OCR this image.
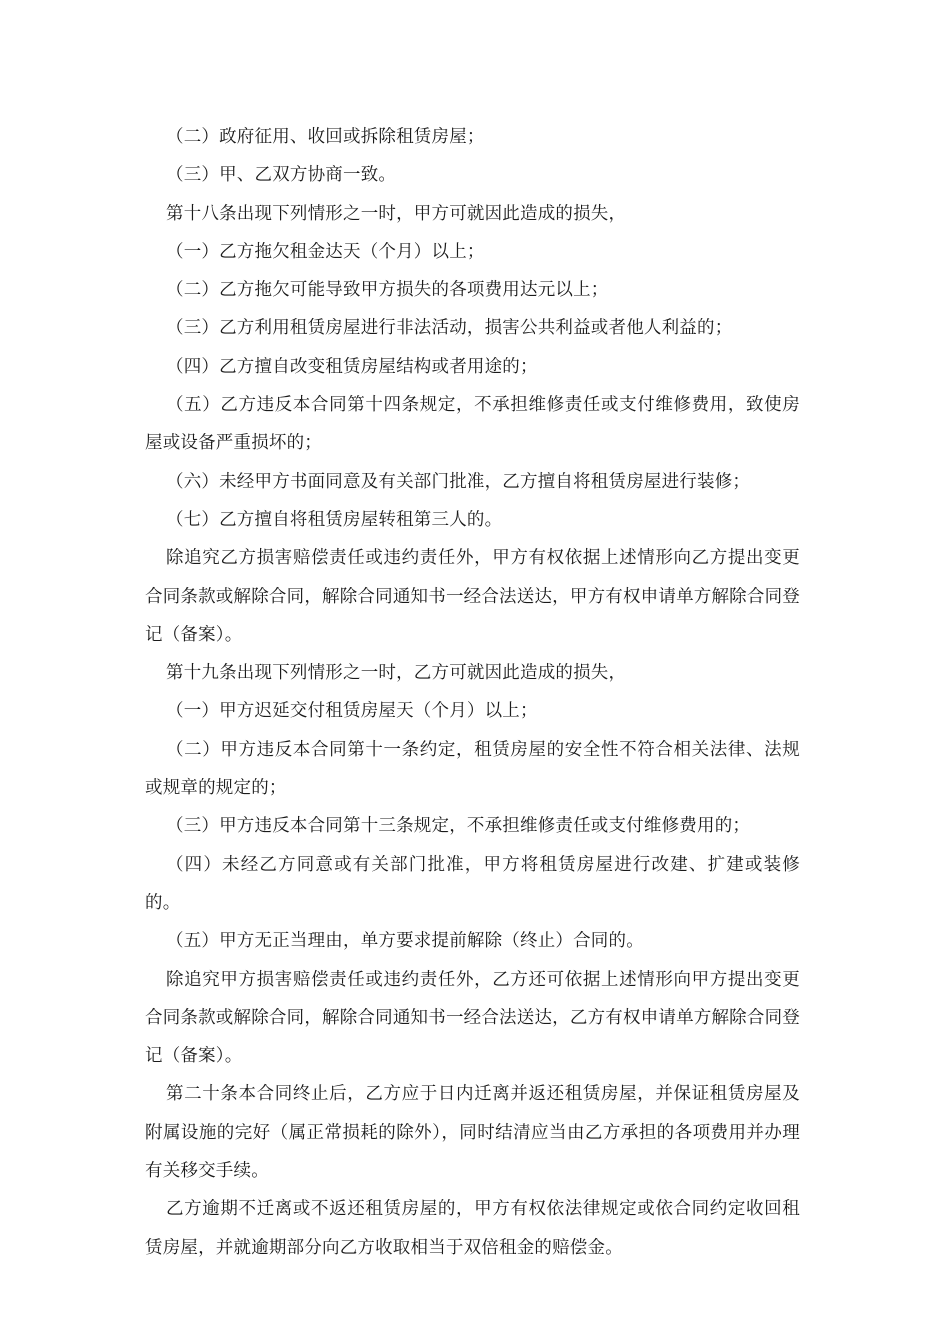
（二）政府征用、收回或拆除租赁房屋；

（三）甲、乙双方协商一致。

第十八条出现下列情形之一时，甲方可就因此造成的损失，

（一）乙方拖欠租金达天（个月）以上；

（二）乙方拖欠可能导致甲方损失的各项费用达元以上；

（三）乙方利用租赁房屋进行非法活动，损害公共利益或者他人利益的；

（四）乙方擅自改变租赁房屋结构或者用途的；

（五）乙方违反本合同第十四条规定，不承担维修责任或支付维修费用，致使房屋或设备严重损坏的；

（六）未经甲方书面同意及有关部门批准，乙方擅自将租赁房屋进行装修；

（七）乙方擅自将租赁房屋转租第三人的。

除追究乙方损害赔偿责任或违约责任外，甲方有权依据上述情形向乙方提出变更合同条款或解除合同，解除合同通知书一经合法送达，甲方有权申请单方解除合同登记（备案）。

第十九条出现下列情形之一时，乙方可就因此造成的损失，

（一）甲方迟延交付租赁房屋天（个月）以上；

（二）甲方违反本合同第十一条约定，租赁房屋的安全性不符合相关法律、法规或规章的规定的；

（三）甲方违反本合同第十三条规定，不承担维修责任或支付维修费用的；

（四）未经乙方同意或有关部门批准，甲方将租赁房屋进行改建、扩建或装修的。

（五）甲方无正当理由，单方要求提前解除（终止）合同的。

除追究甲方损害赔偿责任或违约责任外，乙方还可依据上述情形向甲方提出变更合同条款或解除合同，解除合同通知书一经合法送达，乙方有权申请单方解除合同登记（备案）。

第二十条本合同终止后，乙方应于日内迁离并返还租赁房屋，并保证租赁房屋及附属设施的完好（属正常损耗的除外），同时结清应当由乙方承担的各项费用并办理有关移交手续。

乙方逾期不迁离或不返还租赁房屋的，甲方有权依法律规定或依合同约定收回租赁房屋，并就逾期部分向乙方收取相当于双倍租金的赔偿金。
